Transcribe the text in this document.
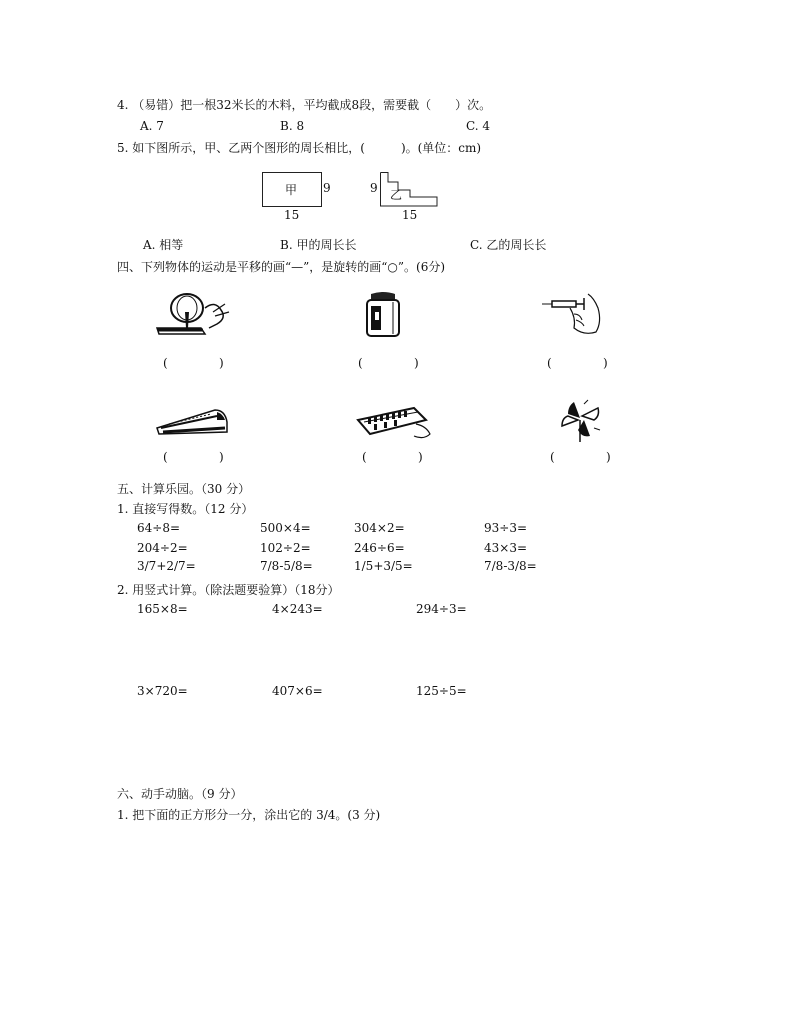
4. （易错）把一根32米长的木料，平均截成8段，需要截（　　）次。
A. 7	B. 8	C. 4
5. 如下图所示，甲、乙两个图形的周长相比，(　　　)。(单位：cm)
甲 9
15
9 乙
15
A. 相等	B. 甲的周长长	C. 乙的周长长
四、下列物体的运动是平移的画“—”，是旋转的画“○”。(6分)
(	)	(	)	(	)
(	)	(	)	(	)
五、计算乐园。（30 分）
1. 直接写得数。（12 分）
64÷8=	500×4=	304×2=	93÷3=
204÷2=	102÷2=	246÷6=	43×3=
3/7+2/7=	7/8-5/8=	1/5+3/5=	7/8-3/8=
2. 用竖式计算。（除法题要验算）（18分）
165×8=	4×243=	294÷3=
3×720=	407×6=	125÷5=
六、动手动脑。（9 分）
1. 把下面的正方形分一分，涂出它的 3/4。(3 分)
